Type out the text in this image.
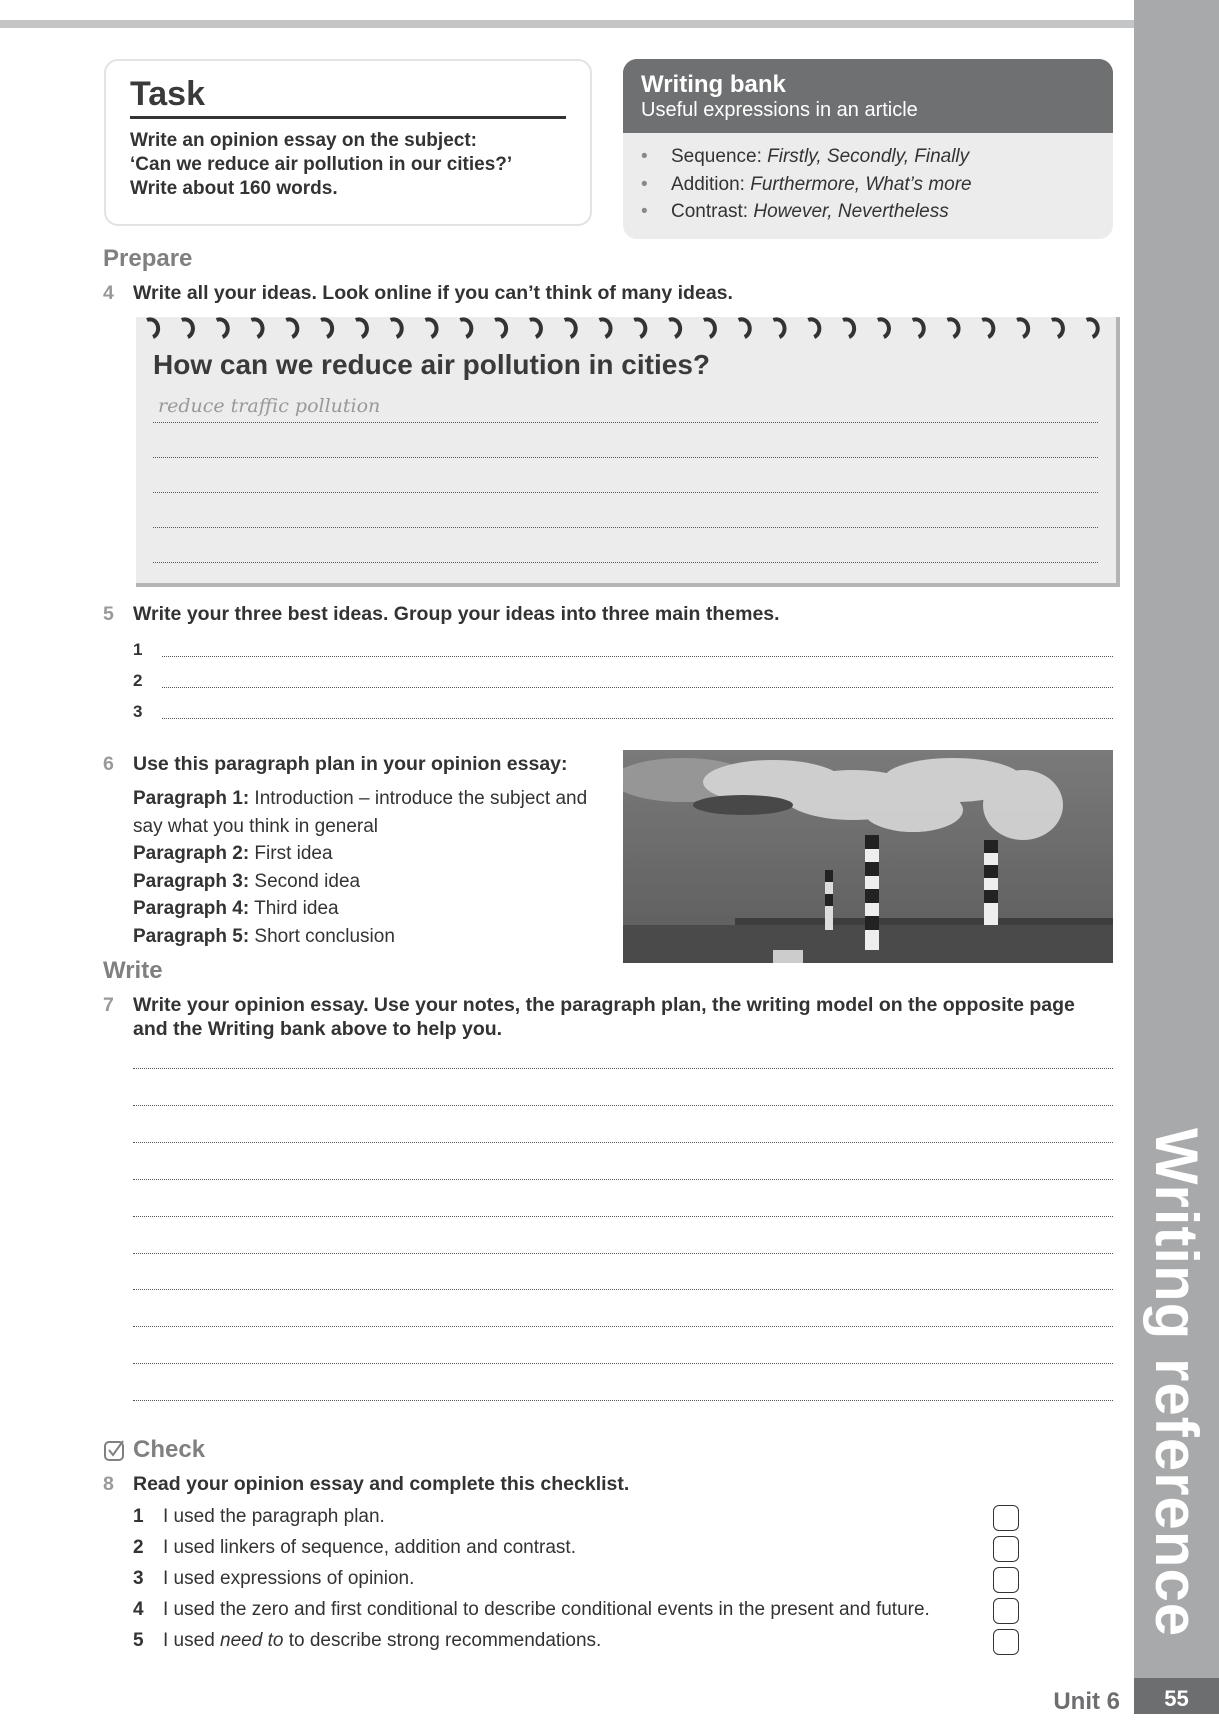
Writing reference
55
Unit 6
Task

Write an opinion essay on the subject:

‘Can we reduce air pollution in our cities?’

Write about 160 words.

Writing bank
Useful expressions in an article
• Sequence: Firstly, Secondly, Finally
• Addition: Furthermore, What’s more
• Contrast: However, Nevertheless
Prepare
4 Write all your ideas. Look online if you can’t think of many ideas.
How can we reduce air pollution in cities?
reduce traffic pollution
5 Write your three best ideas. Group your ideas into three main themes.
1
2
3
6 Use this paragraph plan in your opinion essay:
Paragraph 1: Introduction – introduce the subject and say what you think in general
Paragraph 2: First idea
Paragraph 3: Second idea
Paragraph 4: Third idea
Paragraph 5: Short conclusion
Write
7 Write your opinion essay. Use your notes, the paragraph plan, the writing model on the opposite page and the Writing bank above to help you.
Check
8 Read your opinion essay and complete this checklist.
1 I used the paragraph plan.
2 I used linkers of sequence, addition and contrast.
3 I used expressions of opinion.
4 I used the zero and first conditional to describe conditional events in the present and future.
5 I used need to to describe strong recommendations.
